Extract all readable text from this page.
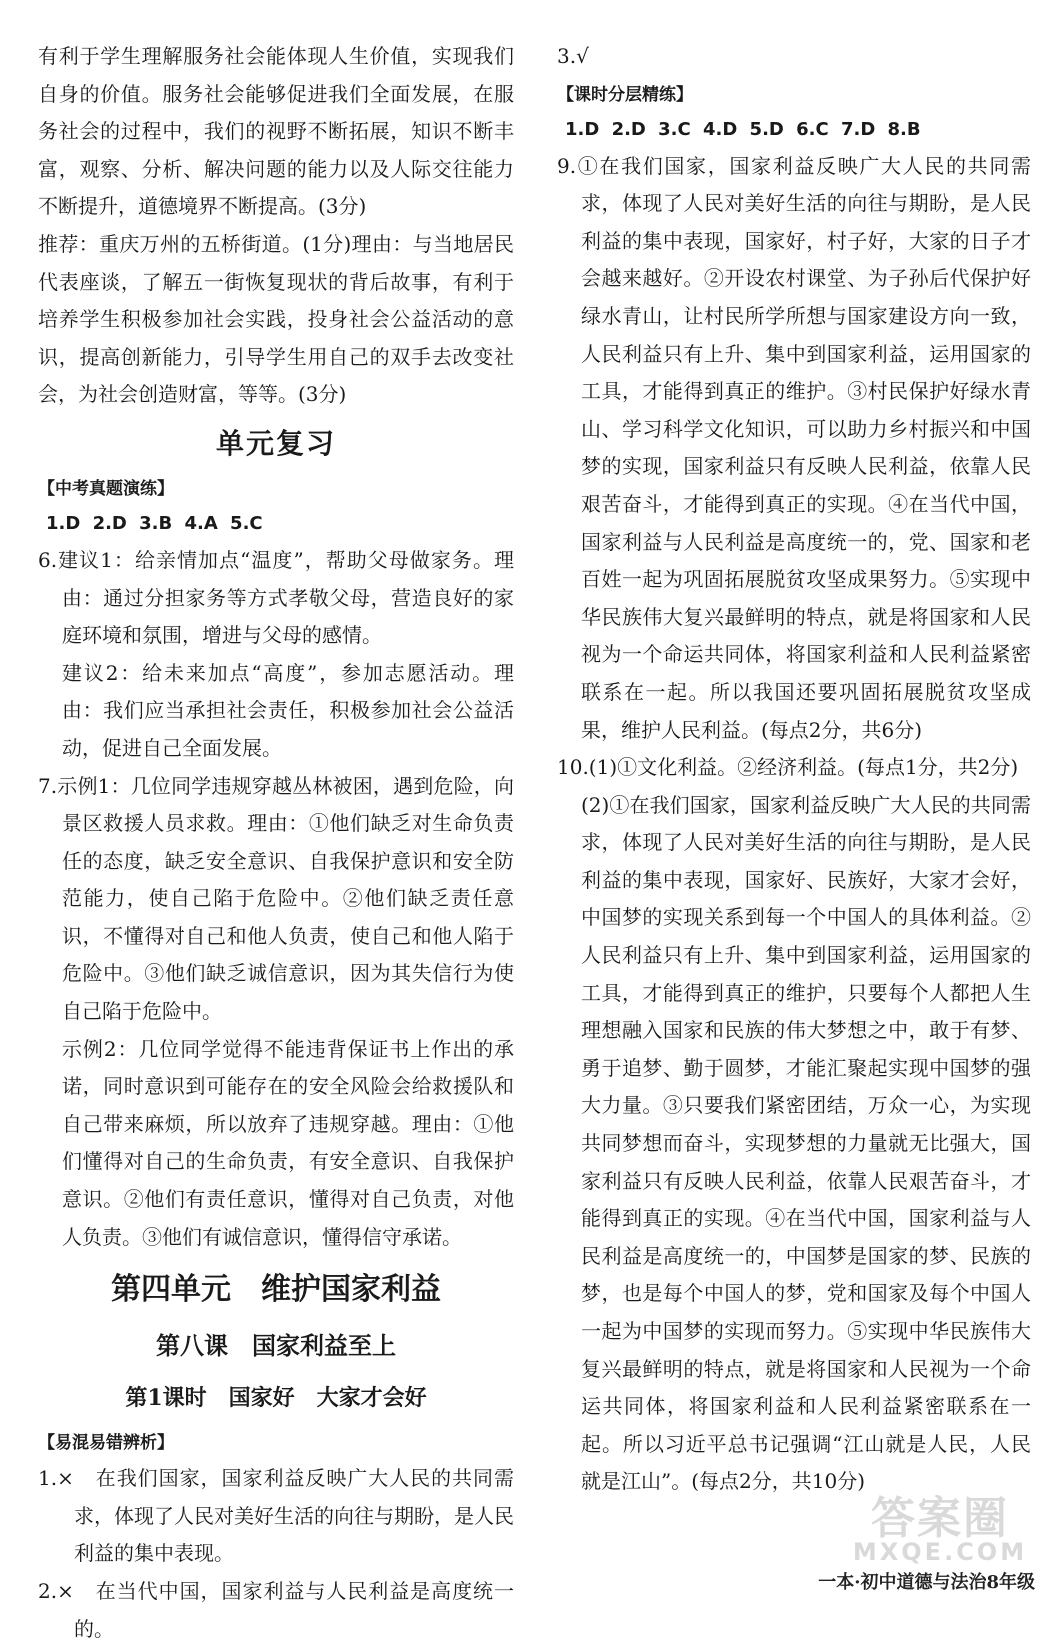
有利于学生理解服务社会能体现人生价值，实现我们自身的价值。服务社会能够促进我们全面发展，在服务社会的过程中，我们的视野不断拓展，知识不断丰富，观察、分析、解决问题的能力以及人际交往能力不断提升，道德境界不断提高。(3分)

推荐：重庆万州的五桥街道。(1分)理由：与当地居民代表座谈，了解五一街恢复现状的背后故事，有利于培养学生积极参加社会实践，投身社会公益活动的意识，提高创新能力，引导学生用自己的双手去改变社会，为社会创造财富，等等。(3分)

单元复习

【中考真题演练】

1.D 2.D 3.B 4.A 5.C

6.建议1：给亲情加点“温度”，帮助父母做家务。理由：通过分担家务等方式孝敬父母，营造良好的家庭环境和氛围，增进与父母的感情。

建议2：给未来加点“高度”，参加志愿活动。理由：我们应当承担社会责任，积极参加社会公益活动，促进自己全面发展。

7.示例1：几位同学违规穿越丛林被困，遇到危险，向景区救援人员求救。理由：①他们缺乏对生命负责任的态度，缺乏安全意识、自我保护意识和安全防范能力，使自己陷于危险中。②他们缺乏责任意识，不懂得对自己和他人负责，使自己和他人陷于危险中。③他们缺乏诚信意识，因为其失信行为使自己陷于危险中。

示例2：几位同学觉得不能违背保证书上作出的承诺，同时意识到可能存在的安全风险会给救援队和自己带来麻烦，所以放弃了违规穿越。理由：①他们懂得对自己的生命负责，有安全意识、自我保护意识。②他们有责任意识，懂得对自己负责，对他人负责。③他们有诚信意识，懂得信守承诺。

第四单元　维护国家利益
第八课　国家利益至上
第1课时　国家好　大家才会好

【易混易错辨析】

1.×　在我们国家，国家利益反映广大人民的共同需求，体现了人民对美好生活的向往与期盼，是人民利益的集中表现。

2.×　在当代中国，国家利益与人民利益是高度统一的。

3.√

【课时分层精练】

1.D 2.D 3.C 4.D 5.D 6.C 7.D 8.B

9.①在我们国家，国家利益反映广大人民的共同需求，体现了人民对美好生活的向往与期盼，是人民利益的集中表现，国家好，村子好，大家的日子才会越来越好。②开设农村课堂、为子孙后代保护好绿水青山，让村民所学所想与国家建设方向一致，人民利益只有上升、集中到国家利益，运用国家的工具，才能得到真正的维护。③村民保护好绿水青山、学习科学文化知识，可以助力乡村振兴和中国梦的实现，国家利益只有反映人民利益，依靠人民艰苦奋斗，才能得到真正的实现。④在当代中国，国家利益与人民利益是高度统一的，党、国家和老百姓一起为巩固拓展脱贫攻坚成果努力。⑤实现中华民族伟大复兴最鲜明的特点，就是将国家和人民视为一个命运共同体，将国家利益和人民利益紧密联系在一起。所以我国还要巩固拓展脱贫攻坚成果，维护人民利益。(每点2分，共6分)

10.(1)①文化利益。②经济利益。(每点1分，共2分)

(2)①在我们国家，国家利益反映广大人民的共同需求，体现了人民对美好生活的向往与期盼，是人民利益的集中表现，国家好、民族好，大家才会好，中国梦的实现关系到每一个中国人的具体利益。②人民利益只有上升、集中到国家利益，运用国家的工具，才能得到真正的维护，只要每个人都把人生理想融入国家和民族的伟大梦想之中，敢于有梦、勇于追梦、勤于圆梦，才能汇聚起实现中国梦的强大力量。③只要我们紧密团结，万众一心，为实现共同梦想而奋斗，实现梦想的力量就无比强大，国家利益只有反映人民利益，依靠人民艰苦奋斗，才能得到真正的实现。④在当代中国，国家利益与人民利益是高度统一的，中国梦是国家的梦、民族的梦，也是每个中国人的梦，党和国家及每个中国人一起为中国梦的实现而努力。⑤实现中华民族伟大复兴最鲜明的特点，就是将国家和人民视为一个命运共同体，将国家利益和人民利益紧密联系在一起。所以习近平总书记强调“江山就是人民，人民就是江山”。(每点2分，共10分)

答案圈
MXQE.COM
一本·初中道德与法治8年级
